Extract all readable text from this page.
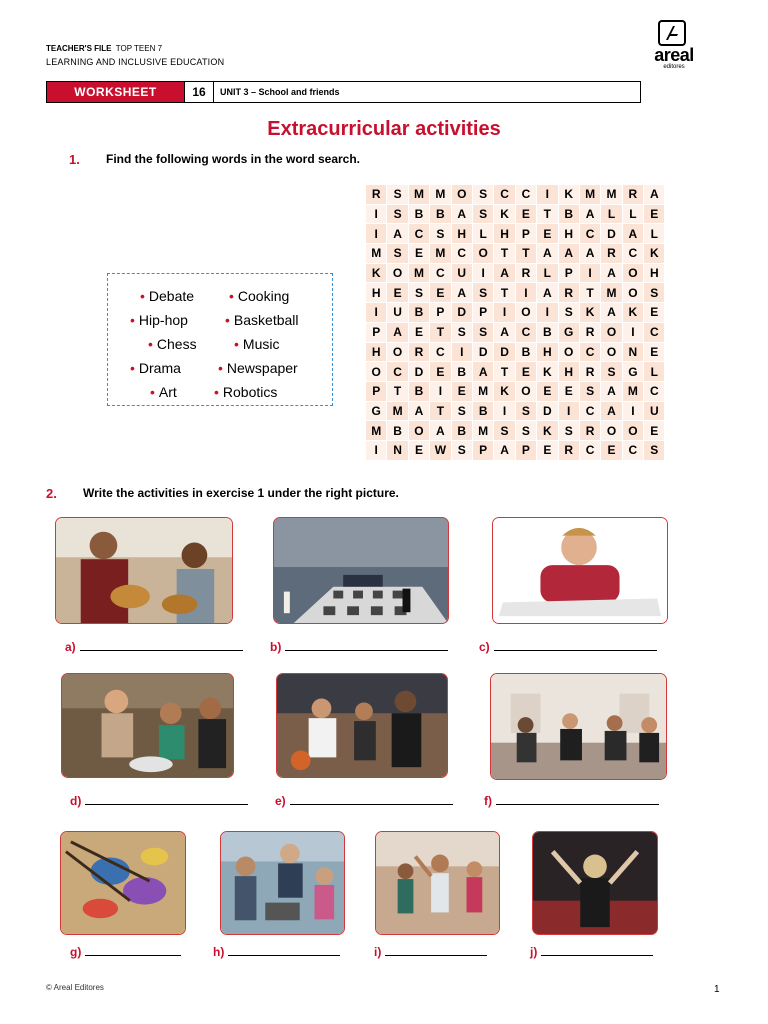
TEACHER'S FILE TOP TEEN 7
LEARNING AND INCLUSIVE EDUCATION	areal
editores
WORKSHEET	16	UNIT 3 – School and friends
Extracurricular activities
1. Find the following words in the word search.
• Debate • Cooking
• Hip-hop	• Basketball
• Chess	• Music
• Drama	• Newspaper
• Art	• Robotics
R	S	M	M	O	S	C	C	I	K	M	M	R	A
I	S	B	B	A	S	K	E	T	B	A	L	L	E
I	A	C	S	H	L	H	P	E	H	C	D	A	L
M	S	E	M	C	O	T	T	A	A	A	R	C	K
K	O	M	C	U	I	A	R	L	P	I	A	O	H
H	E	S	E	A	S	T	I	A	R	T	M	O	S
I	U	B	P	D	P	I	O	I	S	K	A	K	E
P	A	E	T	S	S	A	C	B	G	R	O	I	C
H	O	R	C	I	D	D	B	H	O	C	O	N	E
O	C	D	E	B	A	T	E	K	H	R	S	G	L
P	T	B	I	E	M	K	O	E	E	S	A	M	C
G	M	A	T	S	B	I	S	D	I	C	A	I	U
M	B	O	A	B	M	S	S	K	S	R	O	O	E
I	N	E	W	S	P	A	P	E	R	C	E	C	S
2. Write the activities in exercise 1 under the right picture.
a)	b)	c)
d)	e)	f)
g)	h)	i)	j)
© Areal Editores	1
